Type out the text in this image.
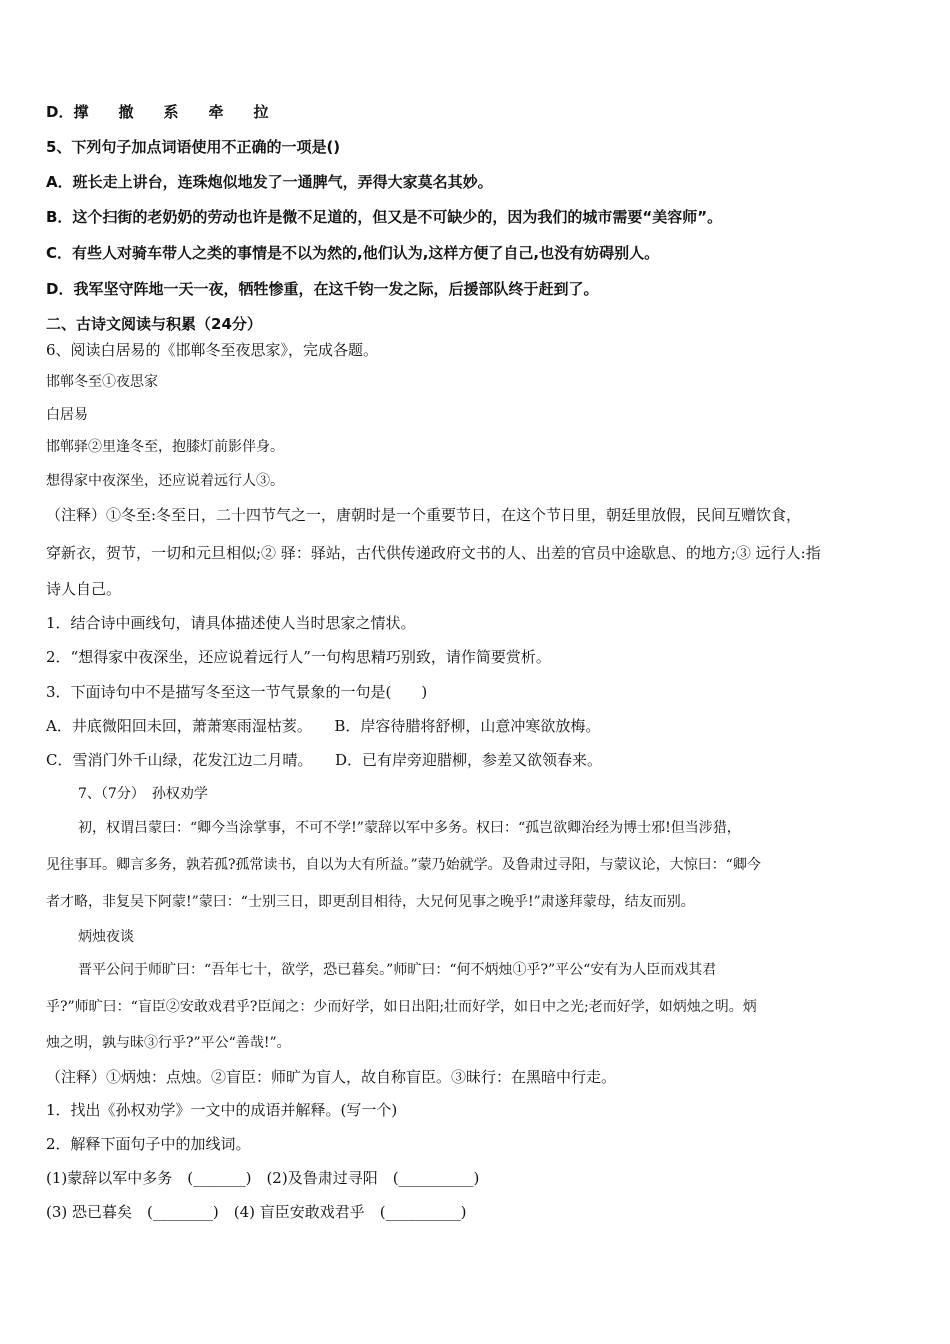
D．撑　　撤　　系　　牵　　拉
5、下列句子加点词语使用不正确的一项是()
A．班长走上讲台，连珠炮似地发了一通脾气，弄得大家莫名其妙。
B．这个扫街的老奶奶的劳动也许是微不足道的，但又是不可缺少的，因为我们的城市需要“美容师”。
C．有些人对骑车带人之类的事情是不以为然的,他们认为,这样方便了自己,也没有妨碍别人。
D．我军坚守阵地一天一夜，牺牲惨重，在这千钧一发之际，后援部队终于赶到了。
二、古诗文阅读与积累（24分）
6、阅读白居易的《邯郸冬至夜思家》，完成各题。
邯郸冬至①夜思家
白居易
邯郸驿②里逢冬至，抱膝灯前影伴身。
想得家中夜深坐，还应说着远行人③。
（注释）①冬至:冬至日，二十四节气之一，唐朝时是一个重要节日，在这个节日里，朝廷里放假，民间互赠饮食，
穿新衣，贺节，一切和元旦相似;② 驿：驿站，古代供传递政府文书的人、出差的官员中途歇息、的地方;③ 远行人:指
诗人自己。
1．结合诗中画线句，请具体描述使人当时思家之情状。
2．“想得家中夜深坐，还应说着远行人”一句构思精巧别致，请作简要赏析。
3．下面诗句中不是描写冬至这一节气景象的一句是(　　)
A．井底微阳回未回，萧萧寒雨湿枯荄。　　B．岸容待腊将舒柳，山意冲寒欲放梅。
C．雪消门外千山绿，花发江边二月晴。　　D．已有岸旁迎腊柳，参差又欲领春来。
7、（7分）　孙权劝学
初，权谓吕蒙曰：“卿今当涂掌事，不可不学!”蒙辞以军中多务。权曰：“孤岂欲卿治经为博士邪!但当涉猎，
见往事耳。卿言多务，孰若孤?孤常读书，自以为大有所益。”蒙乃始就学。及鲁肃过寻阳，与蒙议论，大惊曰：“卿今
者才略，非复吴下阿蒙!”蒙曰：“士别三日，即更刮目相待，大兄何见事之晚乎!”肃遂拜蒙母，结友而别。
炳烛夜谈
晋平公问于师旷曰：“吾年七十，欲学，恐已暮矣。”师旷曰：“何不炳烛①乎?”平公“安有为人臣而戏其君
乎?”师旷曰：“盲臣②安敢戏君乎?臣闻之：少而好学，如日出阳;壮而好学，如日中之光;老而好学，如炳烛之明。炳
烛之明，孰与昧③行乎?”平公“善哉!”。
（注释）①炳烛：点烛。②盲臣：师旷为盲人，故自称盲臣。③昧行：在黑暗中行走。
1．找出《孙权劝学》一文中的成语并解释。(写一个)
2．解释下面句子中的加线词。
(1)蒙辞以军中多务　(_______)　(2)及鲁肃过寻阳　(__________)
(3) 恐已暮矣　(________)　(4) 盲臣安敢戏君乎　(__________)
